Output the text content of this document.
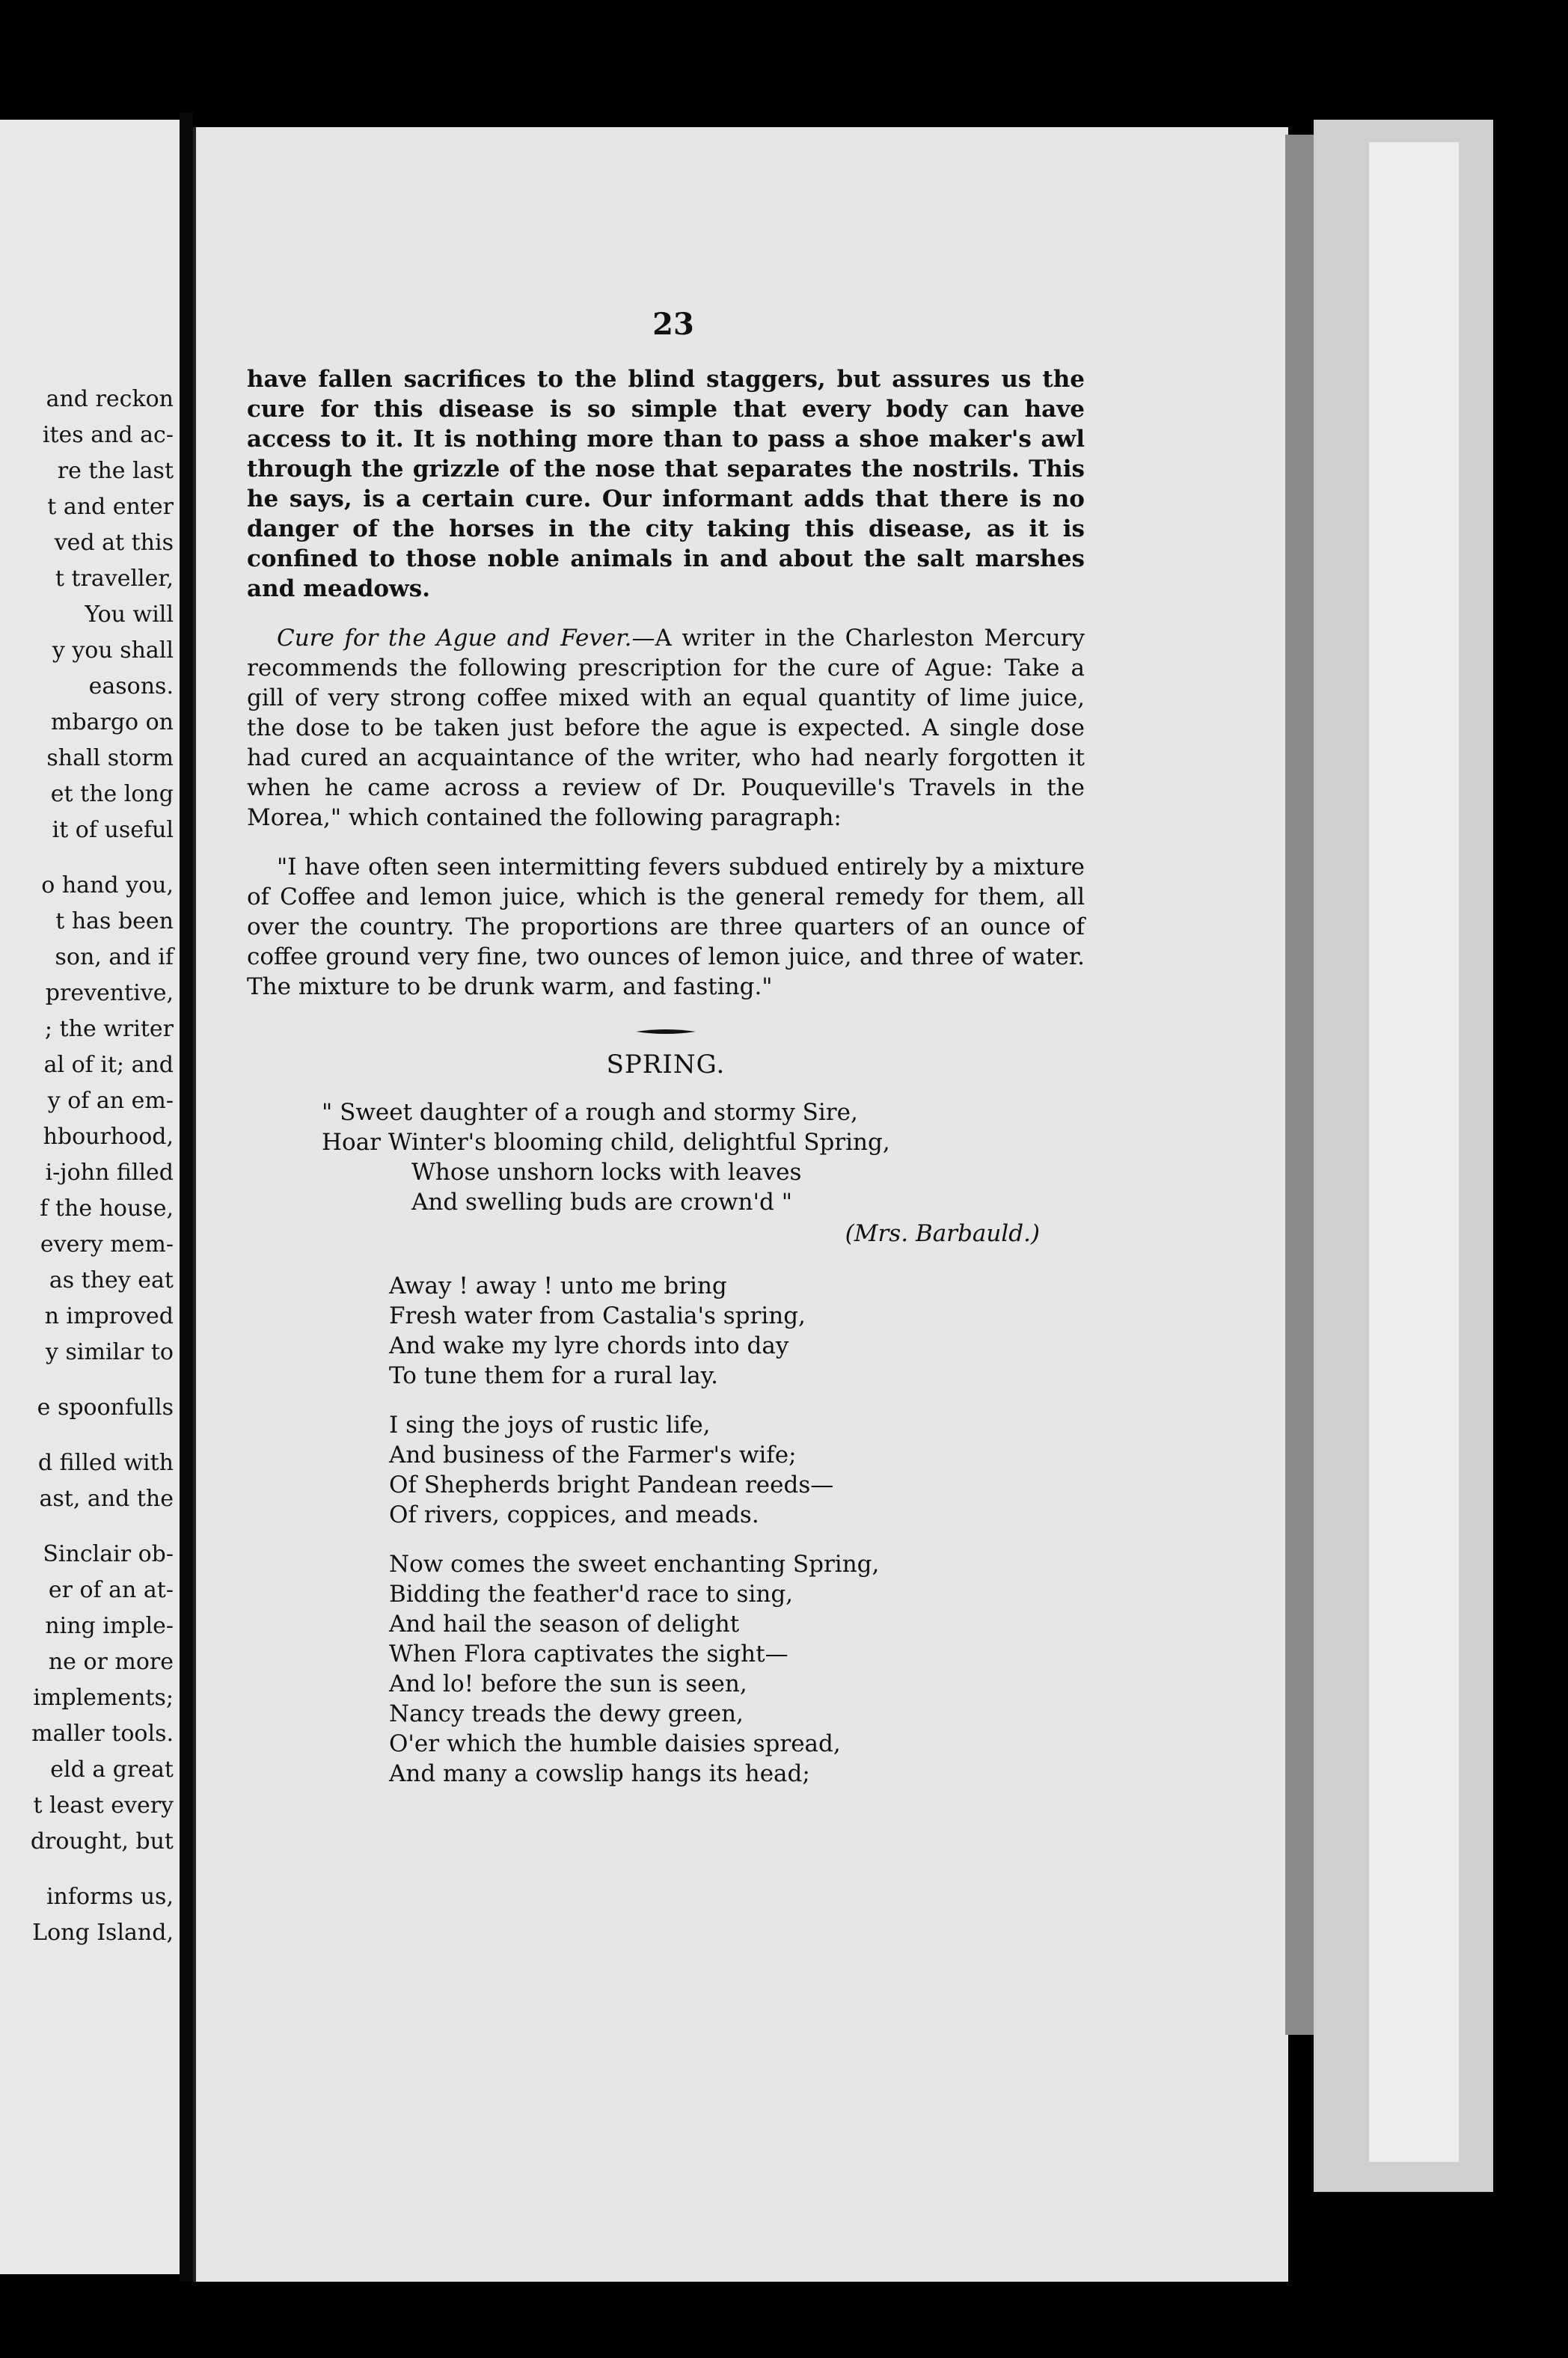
and reckon
ites and ac-
re the last
t and enter
ved at this
t traveller,
You will
y you shall
easons.
mbargo on
shall storm
et the long
it of useful
o hand you,
t has been
son, and if
preventive,
; the writer
al of it; and
y of an em-
hbourhood,
i-john filled
f the house,
every mem-
as they eat
n improved
y similar to
e spoonfulls
d filled with
ast, and the
Sinclair ob-
er of an at-
ning imple-
ne or more
implements;
maller tools.
eld a great
t least every
drought, but
informs us,
Long Island,
23

have fallen sacrifices to the blind staggers, but assures us the cure for this disease is so simple that every body can have access to it. It is nothing more than to pass a shoe maker's awl through the grizzle of the nose that separates the nostrils. This he says, is a certain cure. Our informant adds that there is no danger of the horses in the city taking this disease, as it is confined to those noble animals in and about the salt marshes and meadows.

Cure for the Ague and Fever.—A writer in the Charleston Mercury recommends the following prescription for the cure of Ague: Take a gill of very strong coffee mixed with an equal quantity of lime juice, the dose to be taken just before the ague is expected. A single dose had cured an acquaintance of the writer, who had nearly forgotten it when he came across a review of Dr. Pouqueville's Travels in the Morea," which contained the following paragraph:

"I have often seen intermitting fevers subdued entirely by a mixture of Coffee and lemon juice, which is the general remedy for them, all over the country. The proportions are three quarters of an ounce of coffee ground very fine, two ounces of lemon juice, and three of water. The mixture to be drunk warm, and fasting."

SPRING.
" Sweet daughter of a rough and stormy Sire,
Hoar Winter's blooming child, delightful Spring,
Whose unshorn locks with leaves
And swelling buds are crown'd "
(Mrs. Barbauld.)
Away ! away ! unto me bring
Fresh water from Castalia's spring,
And wake my lyre chords into day
To tune them for a rural lay.
I sing the joys of rustic life,
And business of the Farmer's wife;
Of Shepherds bright Pandean reeds—
Of rivers, coppices, and meads.
Now comes the sweet enchanting Spring,
Bidding the feather'd race to sing,
And hail the season of delight
When Flora captivates the sight—
And lo! before the sun is seen,
Nancy treads the dewy green,
O'er which the humble daisies spread,
And many a cowslip hangs its head;
